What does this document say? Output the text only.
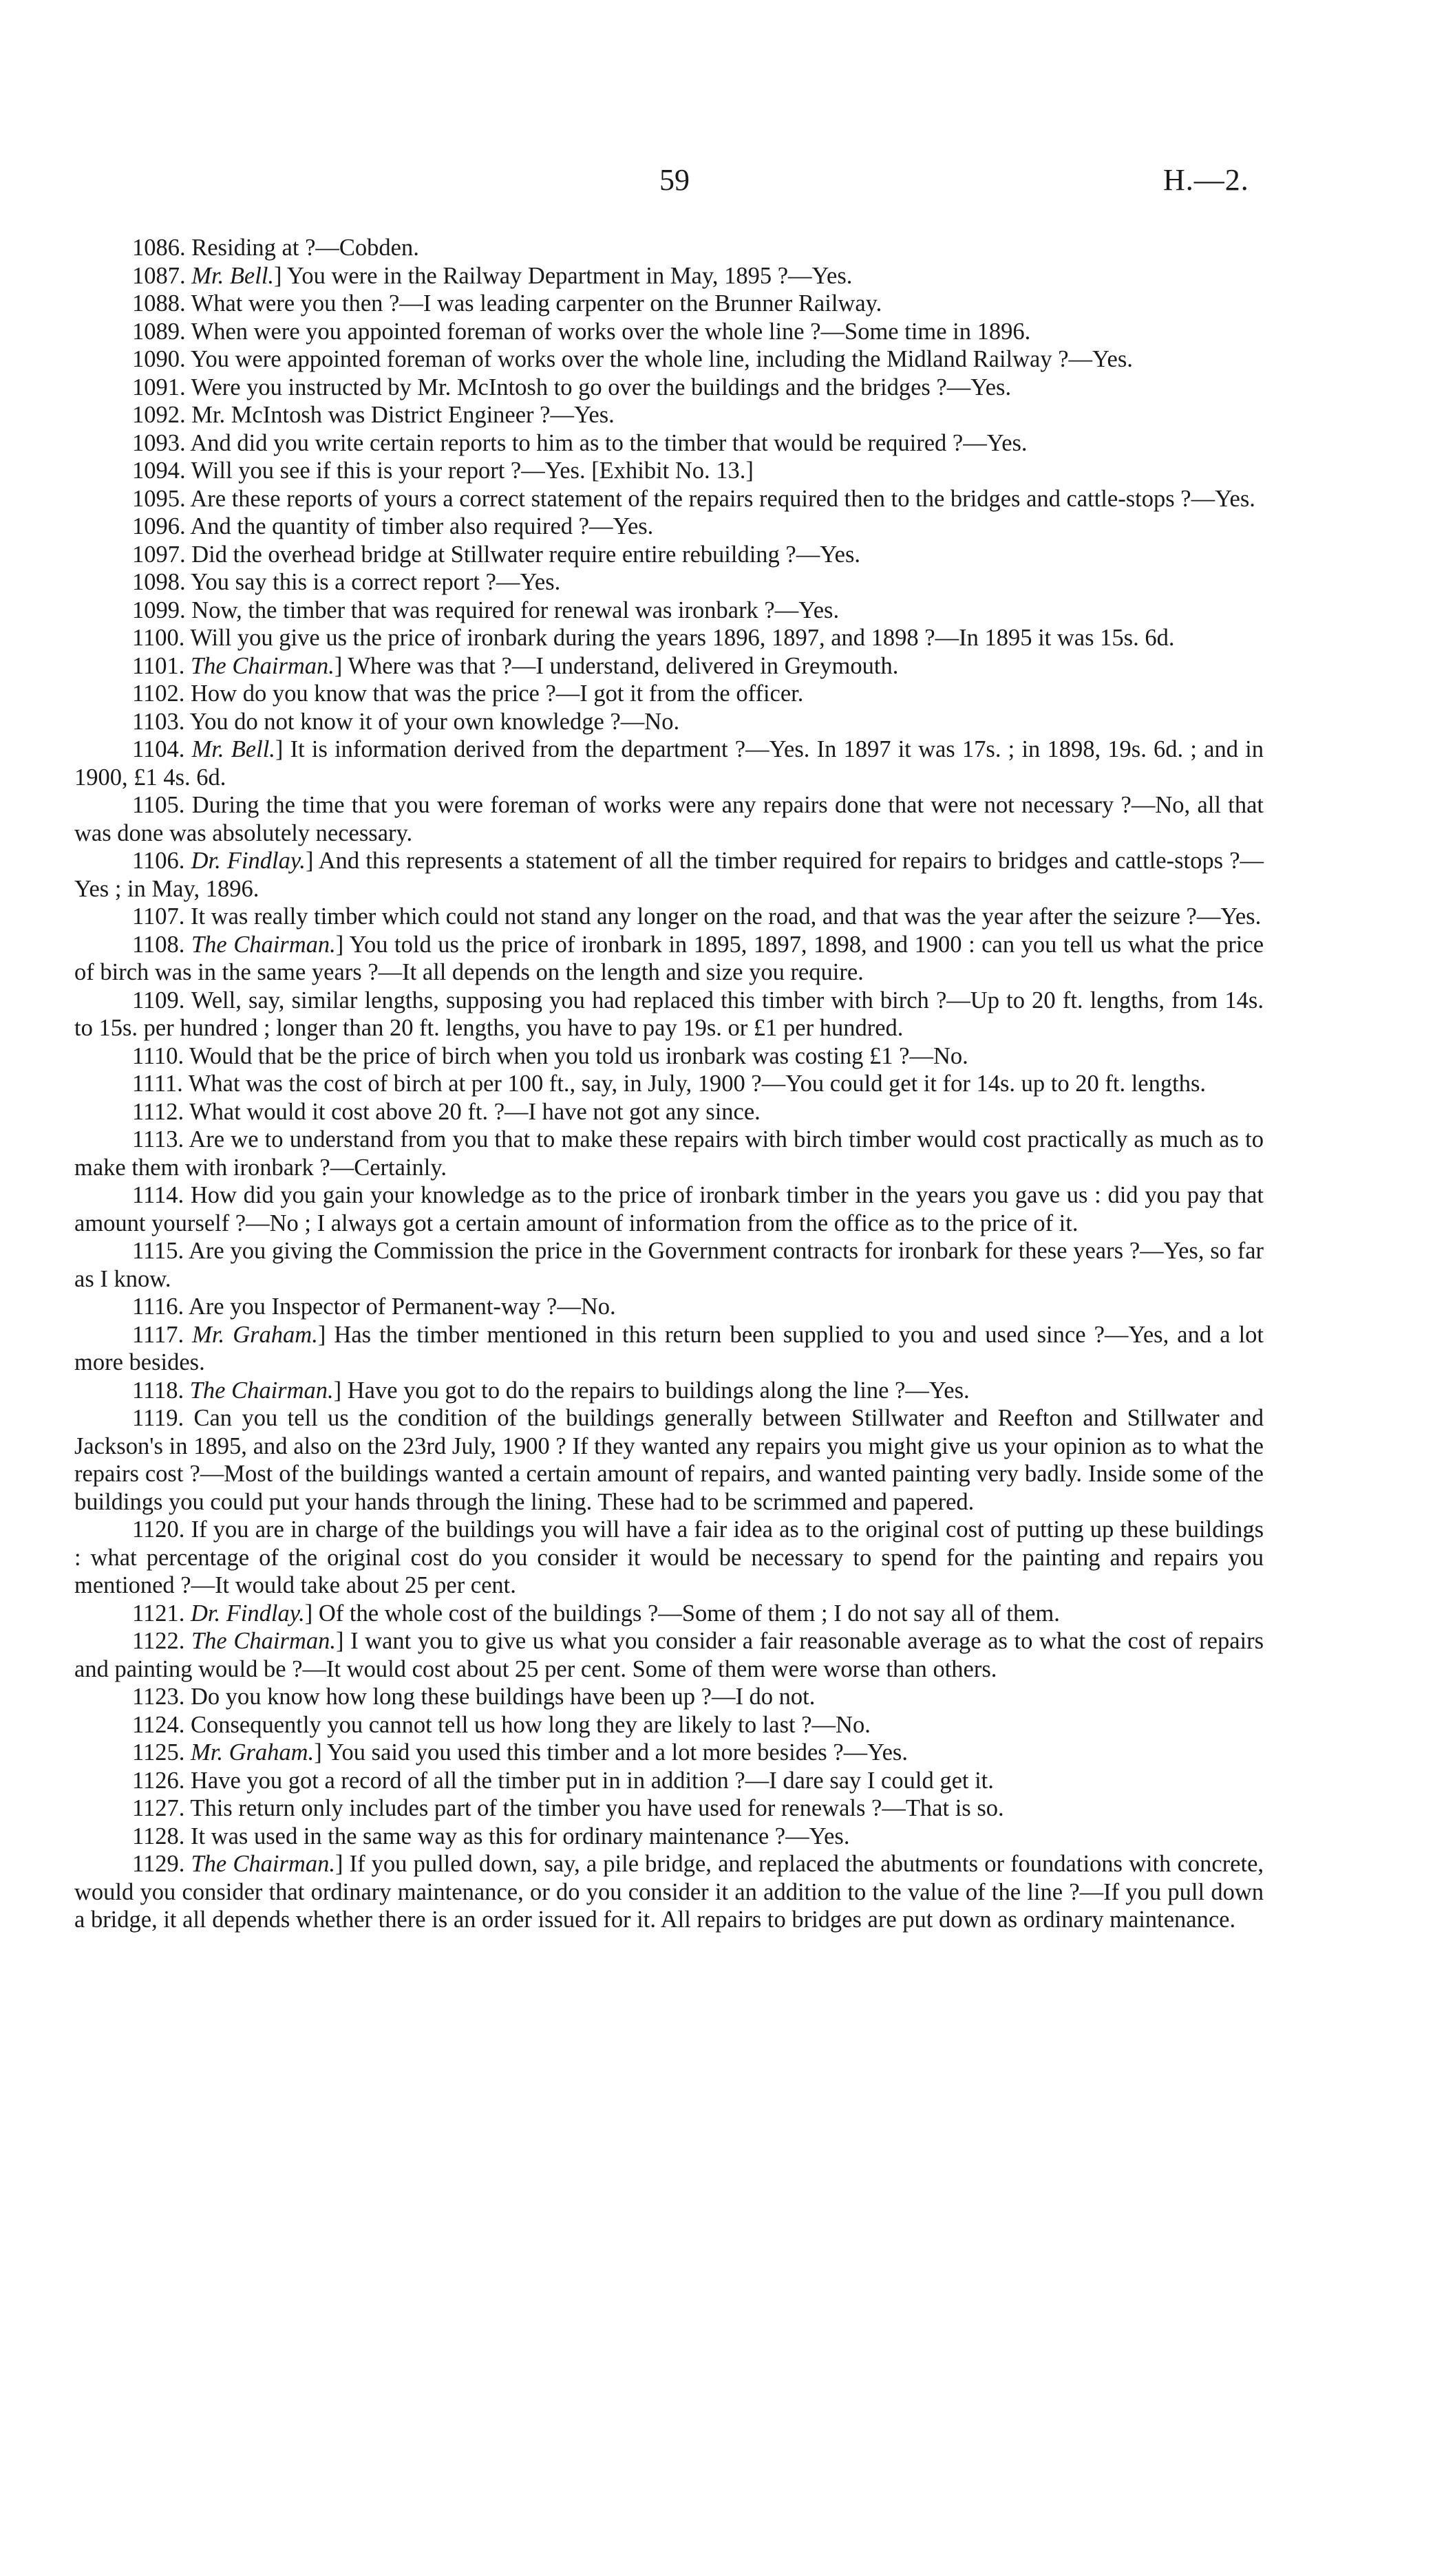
59	H.—2.

1086. Residing at ?—Cobden.

1087. Mr. Bell.] You were in the Railway Department in May, 1895 ?—Yes.

1088. What were you then ?—I was leading carpenter on the Brunner Railway.

1089. When were you appointed foreman of works over the whole line ?—Some time in 1896.

1090. You were appointed foreman of works over the whole line, including the Midland Railway ?—Yes.

1091. Were you instructed by Mr. McIntosh to go over the buildings and the bridges ?—Yes.

1092. Mr. McIntosh was District Engineer ?—Yes.

1093. And did you write certain reports to him as to the timber that would be required ?—Yes.

1094. Will you see if this is your report ?—Yes. [Exhibit No. 13.]

1095. Are these reports of yours a correct statement of the repairs required then to the bridges and cattle-stops ?—Yes.

1096. And the quantity of timber also required ?—Yes.

1097. Did the overhead bridge at Stillwater require entire rebuilding ?—Yes.

1098. You say this is a correct report ?—Yes.

1099. Now, the timber that was required for renewal was ironbark ?—Yes.

1100. Will you give us the price of ironbark during the years 1896, 1897, and 1898 ?—In 1895 it was 15s. 6d.

1101. The Chairman.] Where was that ?—I understand, delivered in Greymouth.

1102. How do you know that was the price ?—I got it from the officer.

1103. You do not know it of your own knowledge ?—No.

1104. Mr. Bell.] It is information derived from the department ?—Yes. In 1897 it was 17s. ; in 1898, 19s. 6d. ; and in 1900, £1 4s. 6d.

1105. During the time that you were foreman of works were any repairs done that were not necessary ?—No, all that was done was absolutely necessary.

1106. Dr. Findlay.] And this represents a statement of all the timber required for repairs to bridges and cattle-stops ?—Yes ; in May, 1896.

1107. It was really timber which could not stand any longer on the road, and that was the year after the seizure ?—Yes.

1108. The Chairman.] You told us the price of ironbark in 1895, 1897, 1898, and 1900 : can you tell us what the price of birch was in the same years ?—It all depends on the length and size you require.

1109. Well, say, similar lengths, supposing you had replaced this timber with birch ?—Up to 20 ft. lengths, from 14s. to 15s. per hundred ; longer than 20 ft. lengths, you have to pay 19s. or £1 per hundred.

1110. Would that be the price of birch when you told us ironbark was costing £1 ?—No.

1111. What was the cost of birch at per 100 ft., say, in July, 1900 ?—You could get it for 14s. up to 20 ft. lengths.

1112. What would it cost above 20 ft. ?—I have not got any since.

1113. Are we to understand from you that to make these repairs with birch timber would cost practically as much as to make them with ironbark ?—Certainly.

1114. How did you gain your knowledge as to the price of ironbark timber in the years you gave us : did you pay that amount yourself ?—No ; I always got a certain amount of information from the office as to the price of it.

1115. Are you giving the Commission the price in the Government contracts for ironbark for these years ?—Yes, so far as I know.

1116. Are you Inspector of Permanent-way ?—No.

1117. Mr. Graham.] Has the timber mentioned in this return been supplied to you and used since ?—Yes, and a lot more besides.

1118. The Chairman.] Have you got to do the repairs to buildings along the line ?—Yes.

1119. Can you tell us the condition of the buildings generally between Stillwater and Reefton and Stillwater and Jackson's in 1895, and also on the 23rd July, 1900 ? If they wanted any repairs you might give us your opinion as to what the repairs cost ?—Most of the buildings wanted a certain amount of repairs, and wanted painting very badly. Inside some of the buildings you could put your hands through the lining. These had to be scrimmed and papered.

1120. If you are in charge of the buildings you will have a fair idea as to the original cost of putting up these buildings : what percentage of the original cost do you consider it would be necessary to spend for the painting and repairs you mentioned ?—It would take about 25 per cent.

1121. Dr. Findlay.] Of the whole cost of the buildings ?—Some of them ; I do not say all of them.

1122. The Chairman.] I want you to give us what you consider a fair reasonable average as to what the cost of repairs and painting would be ?—It would cost about 25 per cent. Some of them were worse than others.

1123. Do you know how long these buildings have been up ?—I do not.

1124. Consequently you cannot tell us how long they are likely to last ?—No.

1125. Mr. Graham.] You said you used this timber and a lot more besides ?—Yes.

1126. Have you got a record of all the timber put in in addition ?—I dare say I could get it.

1127. This return only includes part of the timber you have used for renewals ?—That is so.

1128. It was used in the same way as this for ordinary maintenance ?—Yes.

1129. The Chairman.] If you pulled down, say, a pile bridge, and replaced the abutments or foundations with concrete, would you consider that ordinary maintenance, or do you consider it an addition to the value of the line ?—If you pull down a bridge, it all depends whether there is an order issued for it. All repairs to bridges are put down as ordinary maintenance.
